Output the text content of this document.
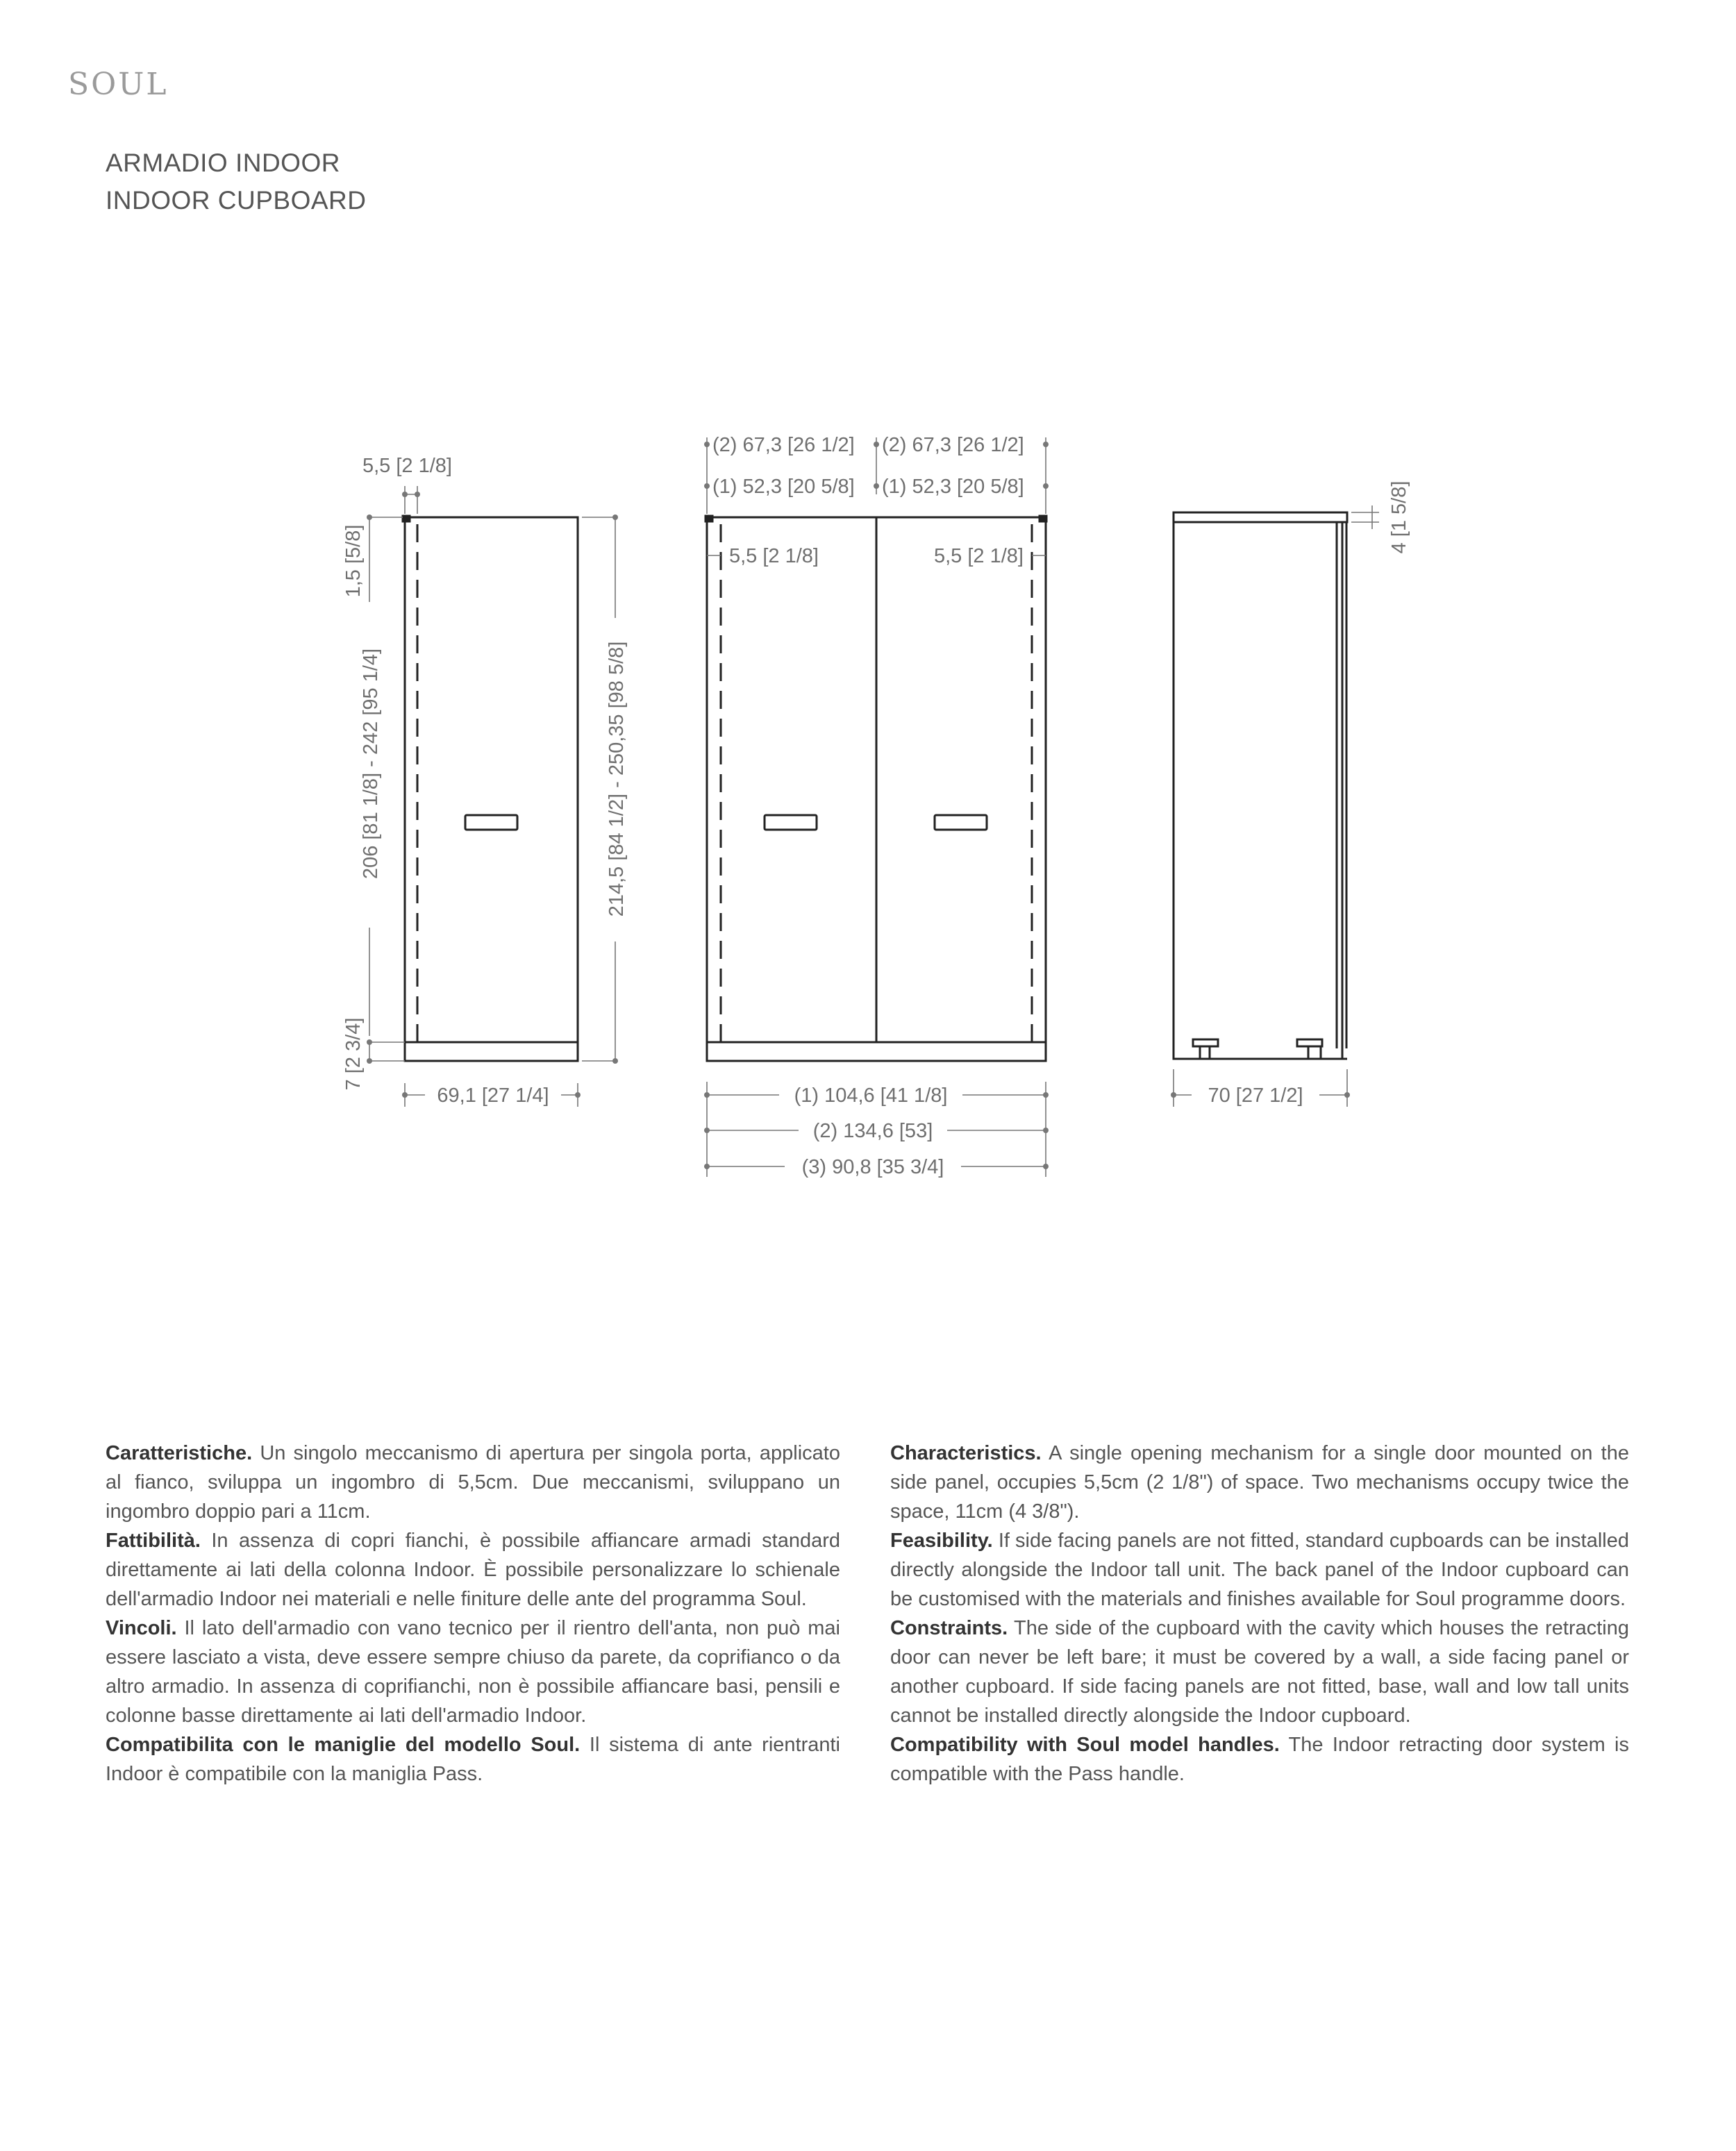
SOUL
ARMADIO INDOOR
INDOOR CUPBOARD
5,5 [2 1/8]
1,5 [5/8]
206 [81 1/8] - 242 [95 1/4]
7 [2 3/4]
214,5 [84 1/2] - 250,35 [98 5/8]
69,1 [27 1/4]
(2) 67,3 [26 1/2] (2) 67,3 [26 1/2]
(1) 52,3 [20 5/8] (1) 52,3 [20 5/8]
5,5 [2 1/8]	5,5 [2 1/8]
(1) 104,6 [41 1/8]
(2) 134,6 [53]
(3) 90,8 [35 3/4]
4 [1 5/8]
70 [27 1/2]

Caratteristiche. Un singolo meccanismo di apertura per singola porta, applicato al fianco, sviluppa un ingombro di 5,5cm. Due meccanismi, sviluppano un ingombro doppio pari a 11cm.

Fattibilità. In assenza di copri fianchi, è possibile affiancare armadi standard direttamente ai lati della colonna Indoor. È possibile personalizzare lo schienale dell'armadio Indoor nei materiali e nelle finiture delle ante del programma Soul.

Vincoli. Il lato dell'armadio con vano tecnico per il rientro dell'anta, non può mai essere lasciato a vista, deve essere sempre chiuso da parete, da coprifianco o da altro armadio. In assenza di coprifianchi, non è possibile affiancare basi, pensili e colonne basse direttamente ai lati dell'armadio Indoor.

Compatibilita con le maniglie del modello Soul. Il sistema di ante rientranti Indoor è compatibile con la maniglia Pass.

Characteristics. A single opening mechanism for a single door mounted on the side panel, occupies 5,5cm (2 1/8") of space. Two mechanisms occupy twice the space, 11cm (4 3/8").

Feasibility. If side facing panels are not fitted, standard cupboards can be installed directly alongside the Indoor tall unit. The back panel of the Indoor cupboard can be customised with the materials and finishes available for Soul programme doors.

Constraints. The side of the cupboard with the cavity which houses the retracting door can never be left bare; it must be covered by a wall, a side facing panel or another cupboard. If side facing panels are not fitted, base, wall and low tall units cannot be installed directly alongside the Indoor cupboard.

Compatibility with Soul model handles. The Indoor retracting door system is compatible with the Pass handle.
